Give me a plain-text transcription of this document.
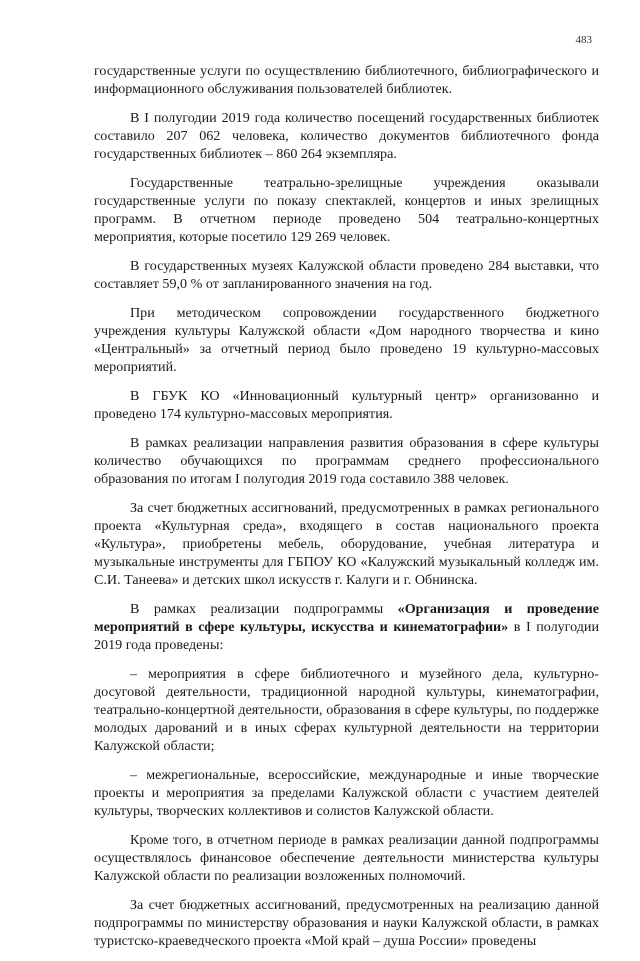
483

государственные услуги по осуществлению библиотечного, библиографического и информационного обслуживания пользователей библиотек.

В I полугодии 2019 года количество посещений государственных библиотек составило 207 062 человека, количество документов библиотечного фонда государственных библиотек – 860 264 экземпляра.

Государственные театрально-зрелищные учреждения оказывали государственные услуги по показу спектаклей, концертов и иных зрелищных программ. В отчетном периоде проведено 504 театрально-концертных мероприятия, которые посетило 129 269 человек.

В государственных музеях Калужской области проведено 284 выставки, что составляет 59,0 % от запланированного значения на год.

При методическом сопровождении государственного бюджетного учреждения культуры Калужской области «Дом народного творчества и кино «Центральный» за отчетный период было проведено 19 культурно-массовых мероприятий.

В ГБУК КО «Инновационный культурный центр» организованно и проведено 174 культурно-массовых мероприятия.

В рамках реализации направления развития образования в сфере культуры количество обучающихся по программам среднего профессионального образования по итогам I полугодия 2019 года составило 388 человек.

За счет бюджетных ассигнований, предусмотренных в рамках регионального проекта «Культурная среда», входящего в состав национального проекта «Культура», приобретены мебель, оборудование, учебная литература и музыкальные инструменты для ГБПОУ КО «Калужский музыкальный колледж им. С.И. Танеева» и детских школ искусств г. Калуги и г. Обнинска.

В рамках реализации подпрограммы «Организация и проведение мероприятий в сфере культуры, искусства и кинематографии» в I полугодии 2019 года проведены:

– мероприятия в сфере библиотечного и музейного дела, культурно-досуговой деятельности, традиционной народной культуры, кинематографии, театрально-концертной деятельности, образования в сфере культуры, по поддержке молодых дарований и в иных сферах культурной деятельности на территории Калужской области;

– межрегиональные, всероссийские, международные и иные творческие проекты и мероприятия за пределами Калужской области с участием деятелей культуры, творческих коллективов и солистов Калужской области.

Кроме того, в отчетном периоде в рамках реализации данной подпрограммы осуществлялось финансовое обеспечение деятельности министерства культуры Калужской области по реализации возложенных полномочий.

За счет бюджетных ассигнований, предусмотренных на реализацию данной подпрограммы по министерству образования и науки Калужской области, в рамках туристско-краеведческого проекта «Мой край – душа России» проведены
